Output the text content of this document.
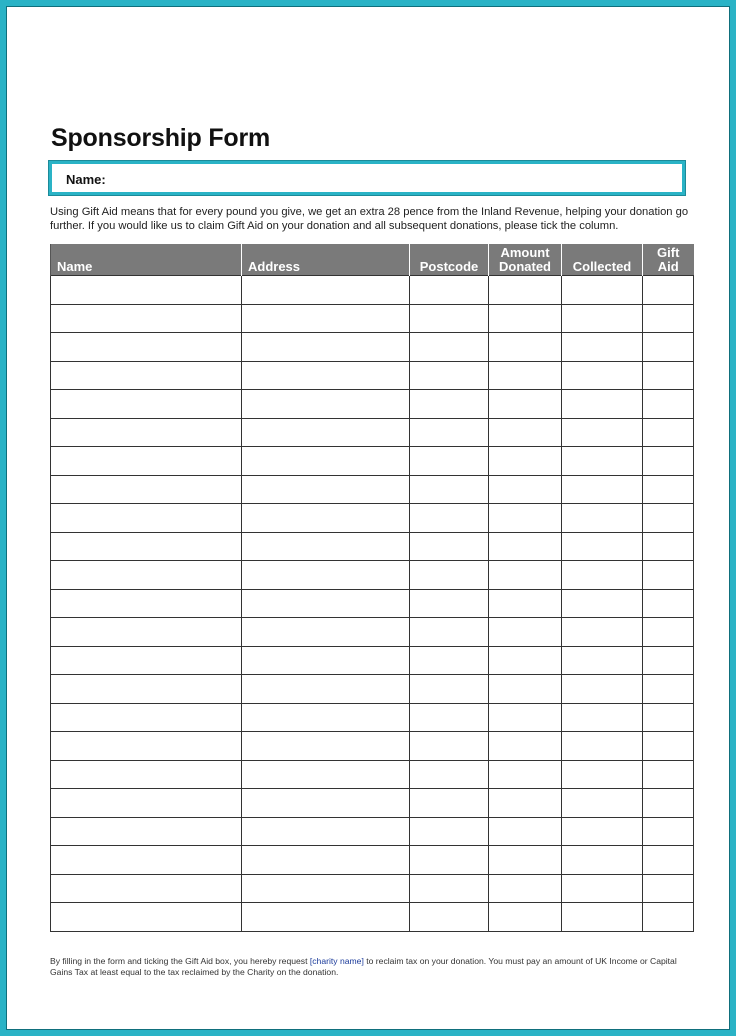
Sponsorship Form
Name:
Using Gift Aid means that for every pound you give, we get an extra 28 pence from the Inland Revenue, helping your donation go further. If you would like us to claim Gift Aid on your donation and all subsequent donations, please tick the column.
Name	Address	Postcode	Amount Donated	Collected	Gift Aid

By filling in the form and ticking the Gift Aid box, you hereby request [charity name] to reclaim tax on your donation. You must pay an amount of UK Income or Capital Gains Tax at least equal to the tax reclaimed by the Charity on the donation.
